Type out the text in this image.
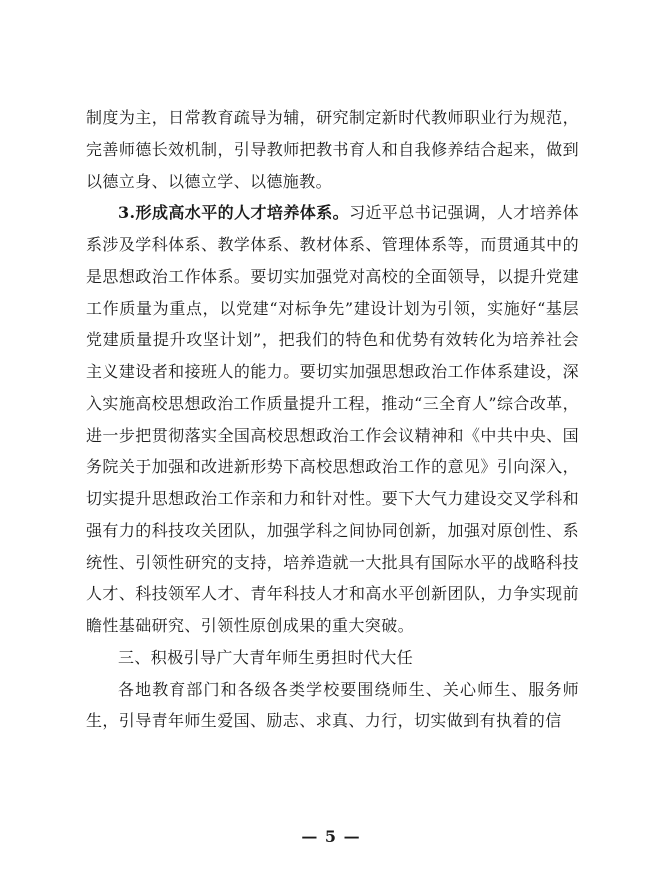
制度为主，日常教育疏导为辅，研究制定新时代教师职业行为规范，完善师德长效机制，引导教师把教书育人和自我修养结合起来，做到以德立身、以德立学、以德施教。

3.形成高水平的人才培养体系。习近平总书记强调，人才培养体系涉及学科体系、教学体系、教材体系、管理体系等，而贯通其中的是思想政治工作体系。要切实加强党对高校的全面领导，以提升党建工作质量为重点，以党建“对标争先”建设计划为引领，实施好“基层党建质量提升攻坚计划”，把我们的特色和优势有效转化为培养社会主义建设者和接班人的能力。要切实加强思想政治工作体系建设，深入实施高校思想政治工作质量提升工程，推动“三全育人”综合改革，进一步把贯彻落实全国高校思想政治工作会议精神和《中共中央、国务院关于加强和改进新形势下高校思想政治工作的意见》引向深入，切实提升思想政治工作亲和力和针对性。要下大气力建设交叉学科和强有力的科技攻关团队，加强学科之间协同创新，加强对原创性、系统性、引领性研究的支持，培养造就一大批具有国际水平的战略科技人才、科技领军人才、青年科技人才和高水平创新团队，力争实现前瞻性基础研究、引领性原创成果的重大突破。

三、积极引导广大青年师生勇担时代大任

各地教育部门和各级各类学校要围绕师生、关心师生、服务师生，引导青年师生爱国、励志、求真、力行，切实做到有执着的信

— 5 —
